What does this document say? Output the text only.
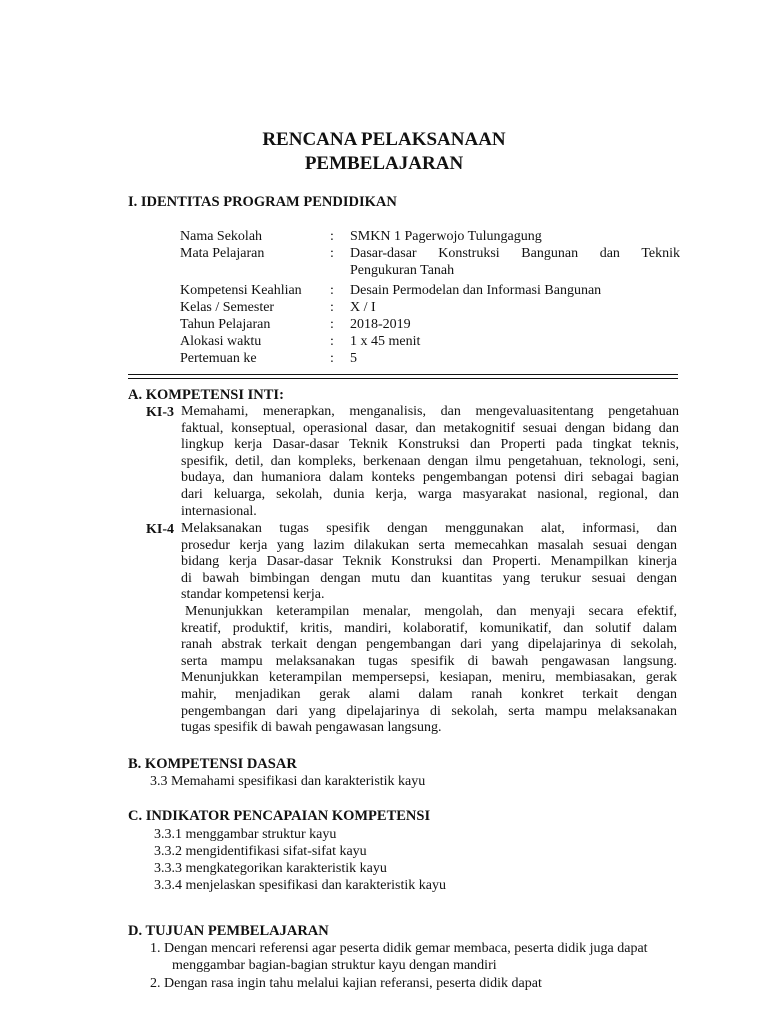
RENCANA PELAKSANAAN
PEMBELAJARAN
I. IDENTITAS PROGRAM PENDIDIKAN
Nama Sekolah	: SMKN 1 Pagerwojo Tulungagung
Mata Pelajaran	: Dasar-dasar Konstruksi Bangunan dan Teknik
Pengukuran Tanah
Kompetensi Keahlian : Desain Permodelan dan Informasi Bangunan
Kelas / Semester	: X / I
Tahun Pelajaran	: 2018-2019
Alokasi waktu	: 1 x 45 menit
Pertemuan ke	: 5
A. KOMPETENSI INTI:
KI-3 Memahami, menerapkan, menganalisis, dan mengevaluasitentang pengetahuan
faktual, konseptual, operasional dasar, dan metakognitif sesuai dengan bidang dan
lingkup kerja Dasar-dasar Teknik Konstruksi dan Properti pada tingkat teknis,
spesifik, detil, dan kompleks, berkenaan dengan ilmu pengetahuan, teknologi, seni,
budaya, dan humaniora dalam konteks pengembangan potensi diri sebagai bagian
dari keluarga, sekolah, dunia kerja, warga masyarakat nasional, regional, dan
internasional.
KI-4 Melaksanakan tugas spesifik dengan menggunakan alat, informasi, dan
prosedur kerja yang lazim dilakukan serta memecahkan masalah sesuai dengan
bidang kerja Dasar-dasar Teknik Konstruksi dan Properti. Menampilkan kinerja
di bawah bimbingan dengan mutu dan kuantitas yang terukur sesuai dengan
standar kompetensi kerja.
Menunjukkan keterampilan menalar, mengolah, dan menyaji secara efektif,
kreatif, produktif, kritis, mandiri, kolaboratif, komunikatif, dan solutif dalam
ranah abstrak terkait dengan pengembangan dari yang dipelajarinya di sekolah,
serta mampu melaksanakan tugas spesifik di bawah pengawasan langsung.
Menunjukkan keterampilan mempersepsi, kesiapan, meniru, membiasakan, gerak
mahir, menjadikan gerak alami dalam ranah konkret terkait dengan
pengembangan dari yang dipelajarinya di sekolah, serta mampu melaksanakan
tugas spesifik di bawah pengawasan langsung.
B. KOMPETENSI DASAR
3.3 Memahami spesifikasi dan karakteristik kayu
C. INDIKATOR PENCAPAIAN KOMPETENSI
3.3.1 menggambar struktur kayu
3.3.2 mengidentifikasi sifat-sifat kayu
3.3.3 mengkategorikan karakteristik kayu
3.3.4 menjelaskan spesifikasi dan karakteristik kayu
D. TUJUAN PEMBELAJARAN
1. Dengan mencari referensi agar peserta didik gemar membaca, peserta didik juga dapat
menggambar bagian-bagian struktur kayu dengan mandiri
2. Dengan rasa ingin tahu melalui kajian referansi, peserta didik dapat
